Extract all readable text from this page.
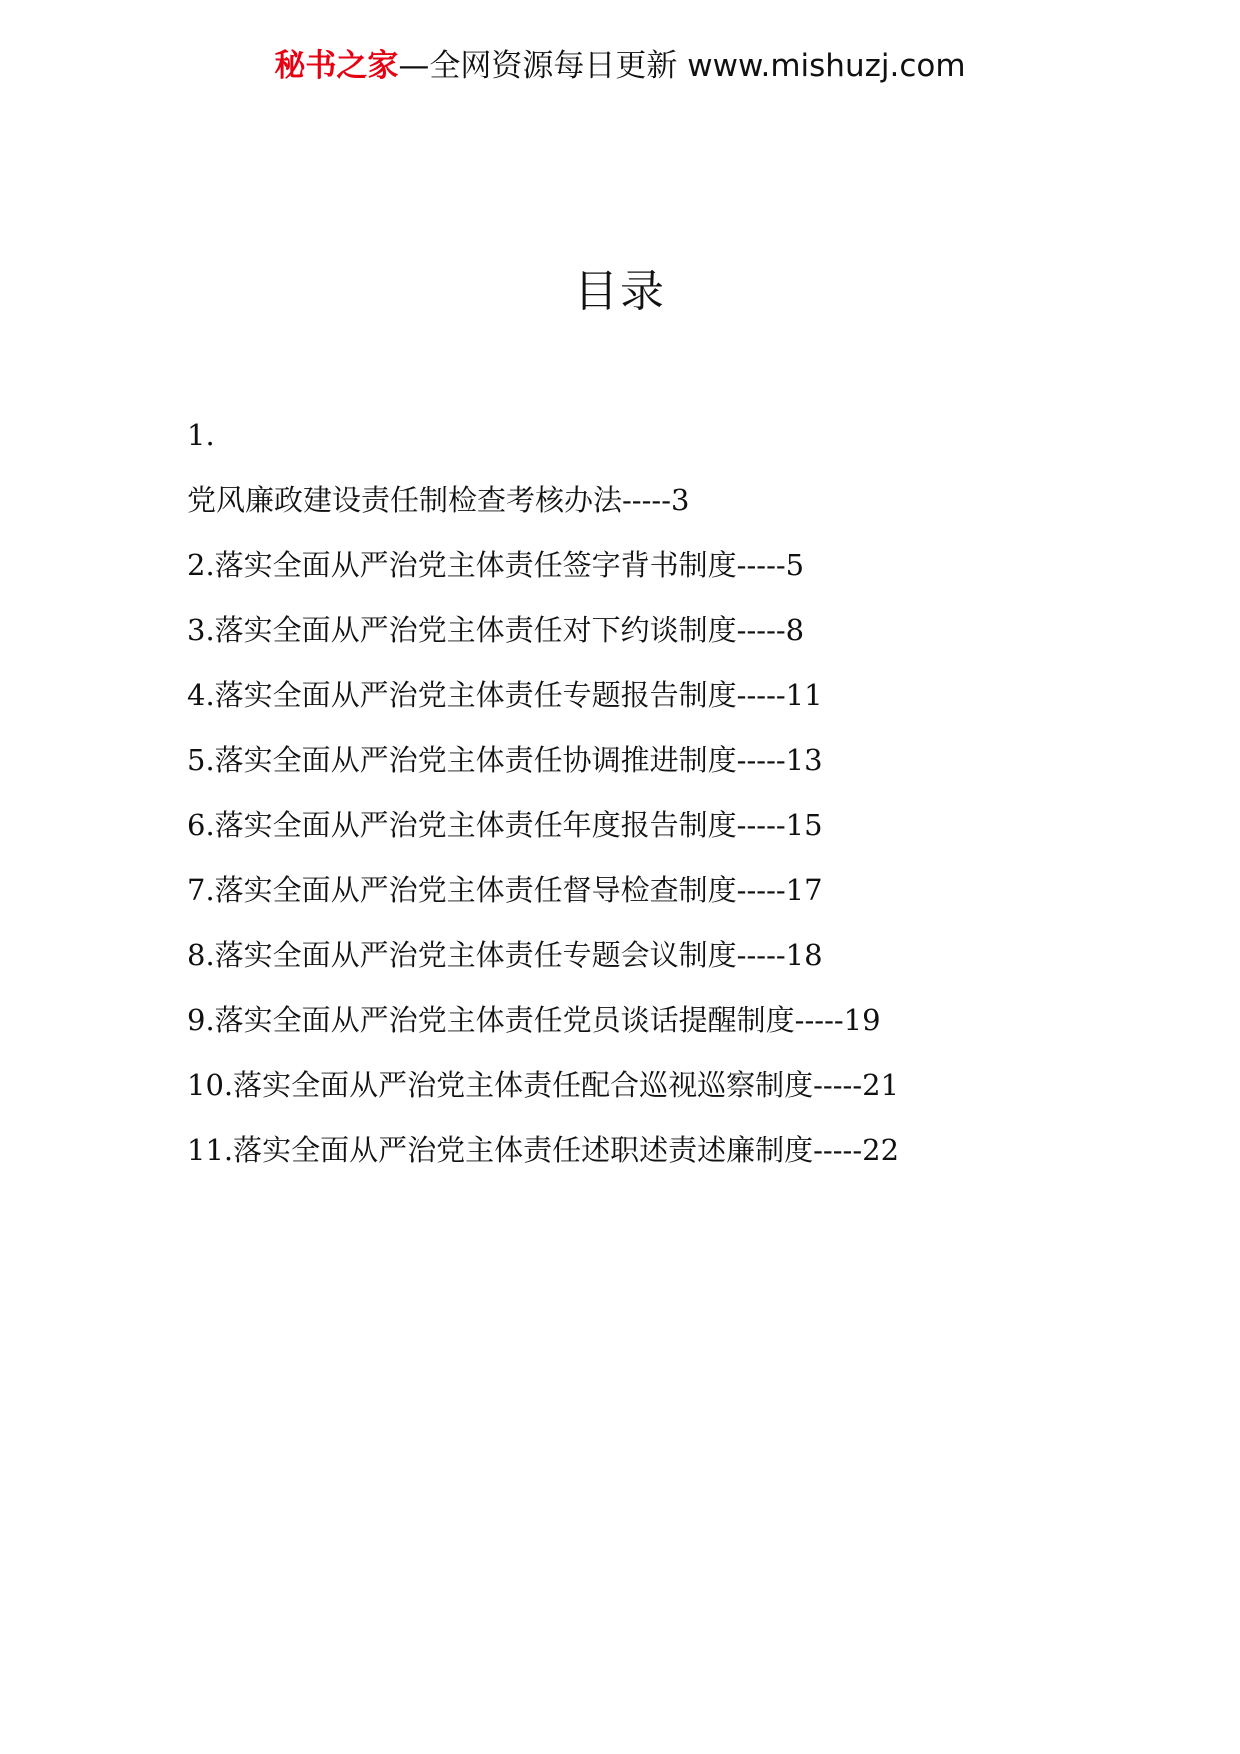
秘书之家—全网资源每日更新 www.mishuzj.com
目录
1.
党风廉政建设责任制检查考核办法-----3
2.落实全面从严治党主体责任签字背书制度-----5
3.落实全面从严治党主体责任对下约谈制度-----8
4.落实全面从严治党主体责任专题报告制度-----11
5.落实全面从严治党主体责任协调推进制度-----13
6.落实全面从严治党主体责任年度报告制度-----15
7.落实全面从严治党主体责任督导检查制度-----17
8.落实全面从严治党主体责任专题会议制度-----18
9.落实全面从严治党主体责任党员谈话提醒制度-----19
10.落实全面从严治党主体责任配合巡视巡察制度-----21
11.落实全面从严治党主体责任述职述责述廉制度-----22
